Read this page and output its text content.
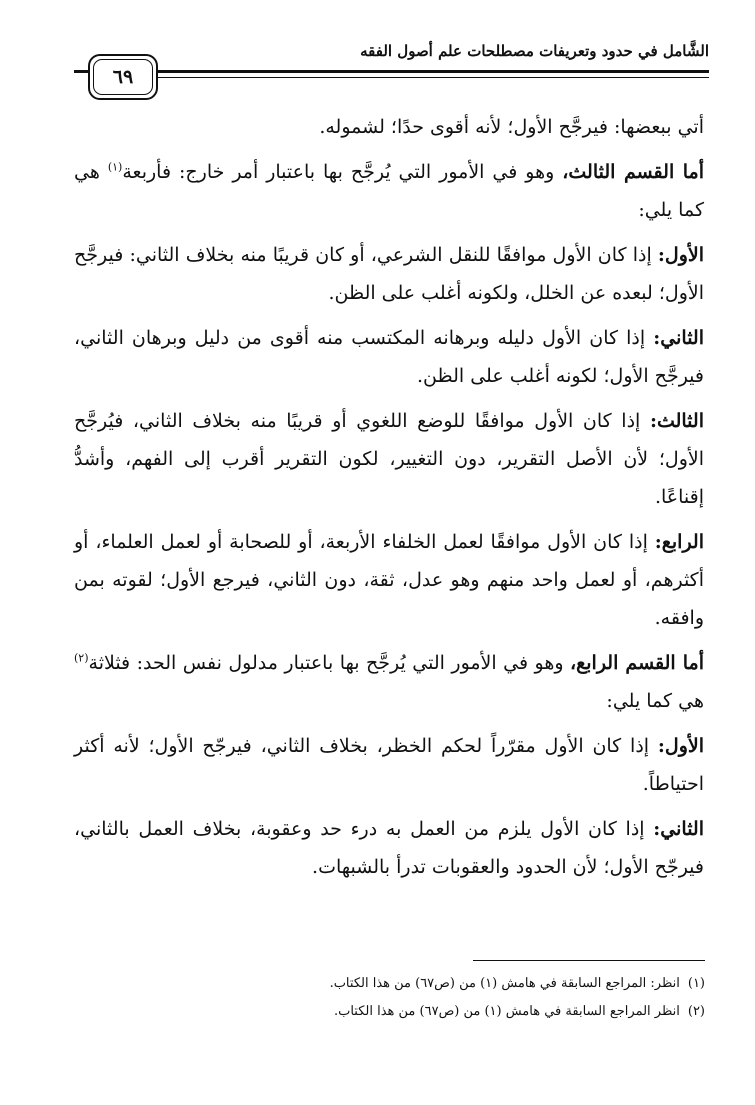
الشَّامل في حدود وتعريفات مصطلحات علم أصول الفقه
٦٩

أتي ببعضها: فيرجَّح الأول؛ لأنه أقوى حدًا؛ لشموله.

أما القسم الثالث، وهو في الأمور التي يُرجَّح بها باعتبار أمر خارج: فأربعة$^{(١)}$ هي كما يلي:

الأول: إذا كان الأول موافقًا للنقل الشرعي، أو كان قريبًا منه بخلاف الثاني: فيرجَّح الأول؛ لبعده عن الخلل، ولكونه أغلب على الظن.

الثاني: إذا كان الأول دليله وبرهانه المكتسب منه أقوى من دليل وبرهان الثاني، فيرجَّح الأول؛ لكونه أغلب على الظن.

الثالث: إذا كان الأول موافقًا للوضع اللغوي أو قريبًا منه بخلاف الثاني، فيُرجَّح الأول؛ لأن الأصل التقرير، دون التغيير، لكون التقرير أقرب إلى الفهم، وأشدُّ إقناعًا.

الرابع: إذا كان الأول موافقًا لعمل الخلفاء الأربعة، أو للصحابة أو لعمل العلماء، أو أكثرهم، أو لعمل واحد منهم وهو عدل، ثقة، دون الثاني، فيرجع الأول؛ لقوته بمن وافقه.

أما القسم الرابع، وهو في الأمور التي يُرجَّح بها باعتبار مدلول نفس الحد: فثلاثة$^{(٢)}$ هي كما يلي:

الأول: إذا كان الأول مقرّراً لحكم الخظر، بخلاف الثاني، فيرجّح الأول؛ لأنه أكثر احتياطاً.

الثاني: إذا كان الأول يلزم من العمل به درء حد وعقوبة، بخلاف العمل بالثاني، فيرجّح الأول؛ لأن الحدود والعقوبات تدرأ بالشبهات.

(١)انظر: المراجع السابقة في هامش (١) من (ص٦٧) من هذا الكتاب.

(٢)انظر المراجع السابقة في هامش (١) من (ص٦٧) من هذا الكتاب.
